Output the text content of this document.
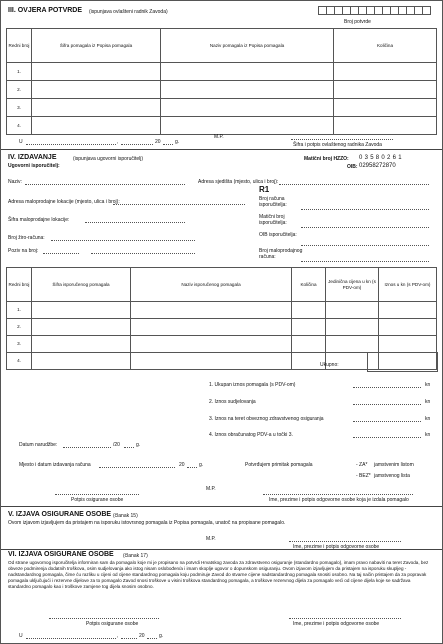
III. OVJERA POTVRDE (ispunjava ovlašteni radnik Zavoda)
Broj potvrde
Redni broj	Šifra pomagala iz Popisa pomagala	Naziv pomagala iz Popisa pomagala	Količina
1.			
2.			
3.			
4.			
U	,	20	g.
M.P.
Šifra i potpis ovlaštenog radnika Zavoda
IV. IZDAVANJE	(ispunjava ugovorni isporučitelj)
Ugovorni isporučitelj:
Matični broj HZZO: 0 3 5 8 0 2 6 1
OIB: 02958272870
Naziv:	Adresa sjedišta (mjesto, ulica i broj):
R1
Adresa maloprodajne lokacije (mjesto, ulica i broj):	Broj računa isporučitelja:
Šifra maloprodajne lokacije:	Matični broj isporučitelja:
Broj žiro-računa:	OIB isporučitelja:
Poziv na broj:	Broj maloprodajnog računa:
Redni broj	Šifra isporučenog pomagala	Naziv isporučenog pomagala	Količina	Jedinična cijena u kn (s PDV-om)	Iznos u kn (s PDV-om)
1.					
2.					
3.					
4.					
Ukupno:
1. Ukupan iznos pomagala (s PDV-om)	kn
2. Iznos sudjelovanja	kn
3. Iznos na teret obveznog zdravstvenog osiguranja	kn
4. Iznos obračunatog PDV-a u točki 3.	kn
Datum narudžbe:	/20	g.
Mjesto i datum izdavanja računa	20	g.	Potvrđujem primitak pomagala	- ZA* jamstvenim listom
- BEZ* jamstvenog lista
M.P.
Potpis osigurane osobe	Ime, prezime i potpis odgovorne osobe koja je izdala pomagalo
V. IZJAVA OSIGURANE OSOBE (članak 15)
Ovom izjavom izjavljujem da pristajem na isporuku istovrsnog pomagala iz Popisa pomagala, unatoč na propisane pomagalo.
M.P.
Ime, prezime i potpis odgovorne osobe
VI. IZJAVA OSIGURANE OSOBE (članak 17)
Od strane ugovornog isporučitelja informiran sam da pomagalo koje mi je propisano na potvrdi Hrvatskog zavoda za zdravstveno osiguranje (standardno pomagalo), imam pravo nabaviti na teret Zavoda, bez obveze podmirenja dodatnih troškova, osim sudjelovanja ako istog nisam oslobođen/a i imam skoplje ugovor o dopunskom osiguranju. Ovom izjavom izjavljujem da pristajem na isporuku skupljeg - nadstandardnog pomagala, čime ću razliku u cijeni od cijene standardnog pomagala koju podmiruje Zavod do stvarne cijene nadstandardnog pomagala snositi osobno. Na taj način pristajem da za popravak pomagala uključujući i rezervne dijelove za to pomagalo Zavod snosi troškove u visini troškova standardnog pomagala, a troškove rezervnog dijela za pomagalo veći od cijene dijela koje se sadržava standardno pomagalo kao i troškove zamjene tog dijela snosim osobno.
Potpis osigurane osobe	Ime, prezime i potpis odgovorne osobe
U	,	20	g.
